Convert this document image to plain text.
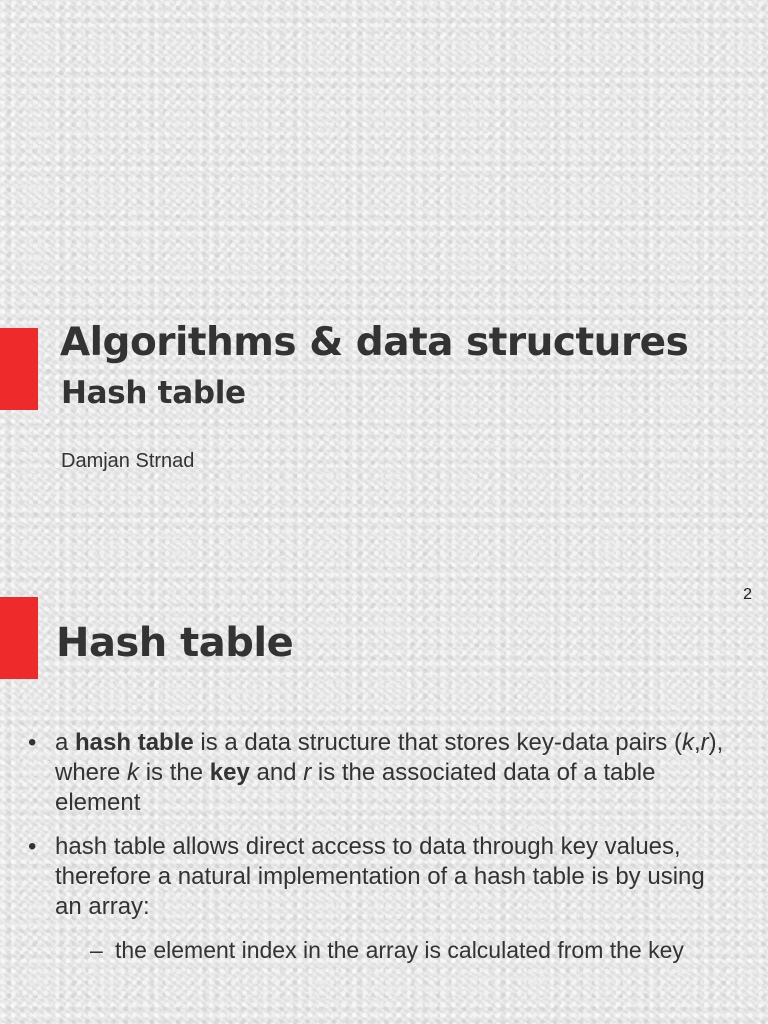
Algorithms & data structures
Hash table
Damjan Strnad
2
Hash table
• a hash table is a data structure that stores key-data pairs (k,r), where k is the key and r is the associated data of a table element
• hash table allows direct access to data through key values, therefore a natural implementation of a hash table is by using an array:
– the element index in the array is calculated from the key
